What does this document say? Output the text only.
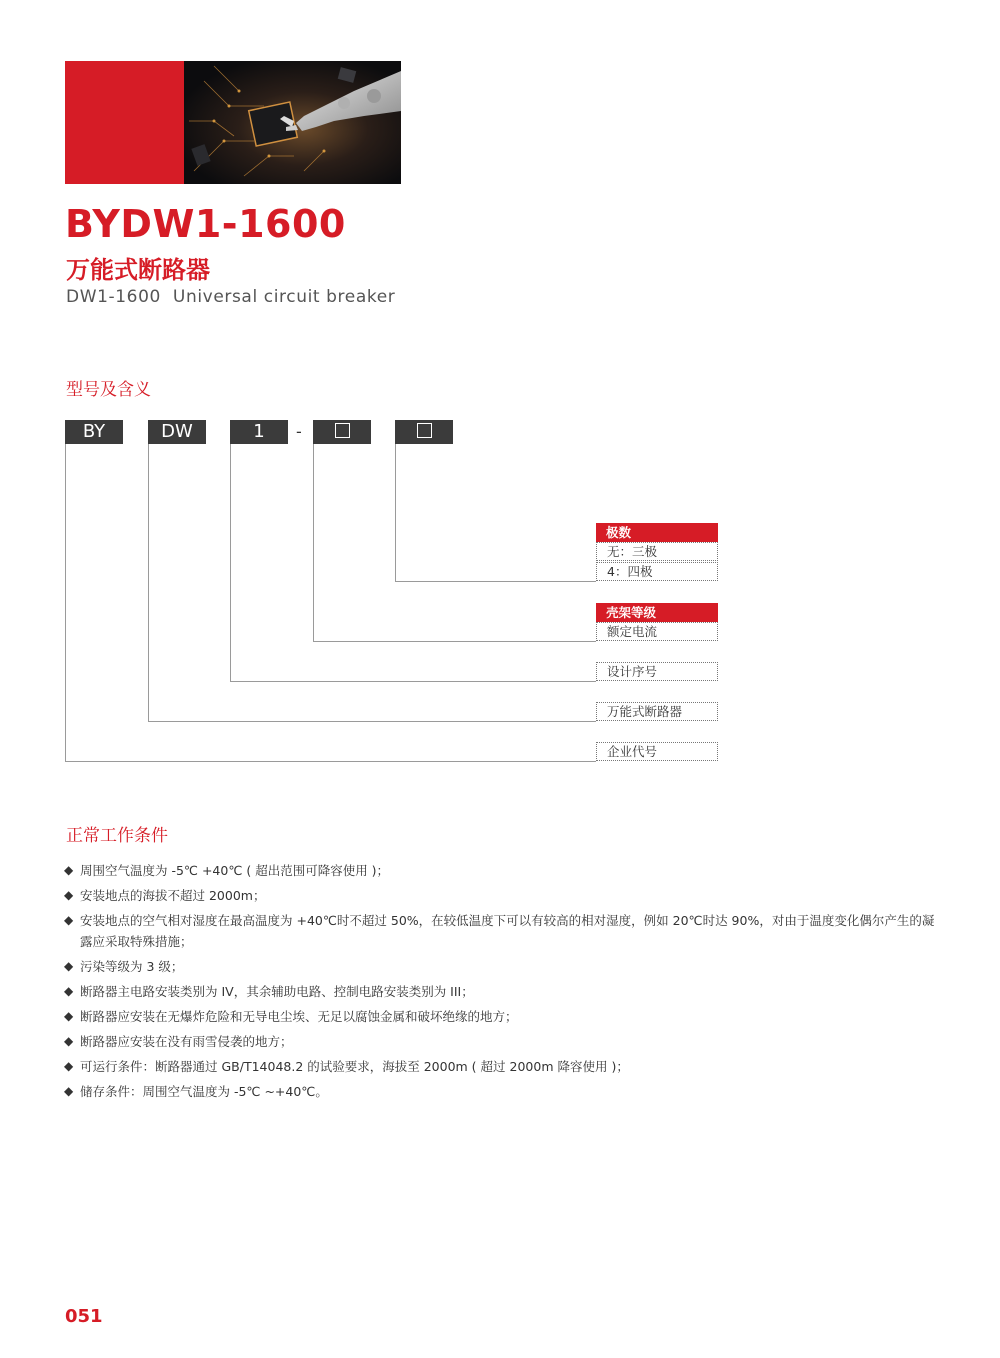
BYDW1-1600
万能式断路器

DW1-1600  Universal circuit breaker

型号及含义
BY	DW	1	-
极数
无：三极
4：四极
壳架等级
额定电流
设计序号
万能式断路器
企业代号
正常工作条件
◆ 周围空气温度为 -5℃ +40℃ ( 超出范围可降容使用 )；
◆ 安装地点的海拔不超过 2000m；
◆ 安装地点的空气相对湿度在最高温度为 +40℃时不超过 50%，在较低温度下可以有较高的相对湿度，例如 20℃时达 90%，对由于温度变化偶尔产生的凝露应采取特殊措施；
◆ 污染等级为 3 级；
◆ 断路器主电路安装类别为 IV，其余辅助电路、控制电路安装类别为 III；
◆ 断路器应安装在无爆炸危险和无导电尘埃、无足以腐蚀金属和破坏绝缘的地方；
◆ 断路器应安装在没有雨雪侵袭的地方；
◆ 可运行条件：断路器通过 GB/T14048.2 的试验要求，海拔至 2000m ( 超过 2000m 降容使用 )；
◆ 储存条件：周围空气温度为 -5℃ ~+40℃。

051
